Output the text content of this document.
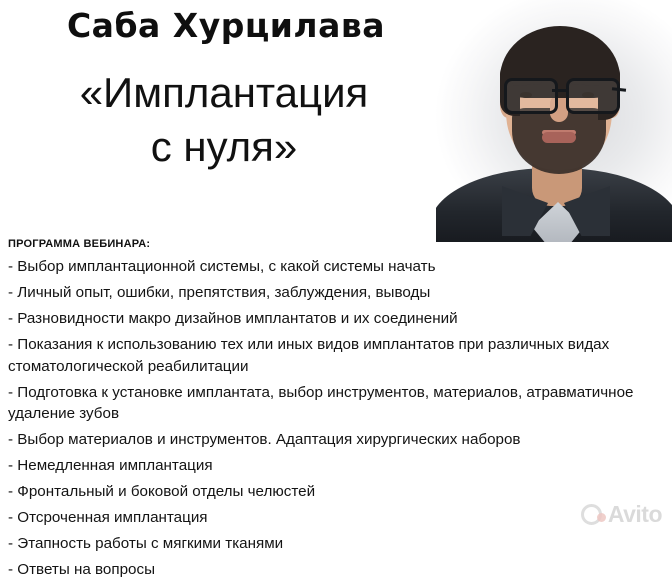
Саба Хурцилава
«Имплантация
с нуля»
ПРОГРАММА ВЕБИНАРА:
- Выбор имплантационной системы, с какой системы начать
- Личный опыт, ошибки, препятствия, заблуждения, выводы
- Разновидности макро дизайнов имплантатов и их соединений
- Показания к использованию тех или иных видов имплантатов при различных видах стоматологической реабилитации
- Подготовка к установке имплантата, выбор инструментов, материалов, атравматичное удаление зубов
- Выбор материалов и инструментов. Адаптация хирургических наборов
- Немедленная имплантация
- Фронтальный и боковой отделы челюстей
- Отсроченная имплантация
- Этапность работы с мягкими тканями
- Ответы на вопросы
Avito
